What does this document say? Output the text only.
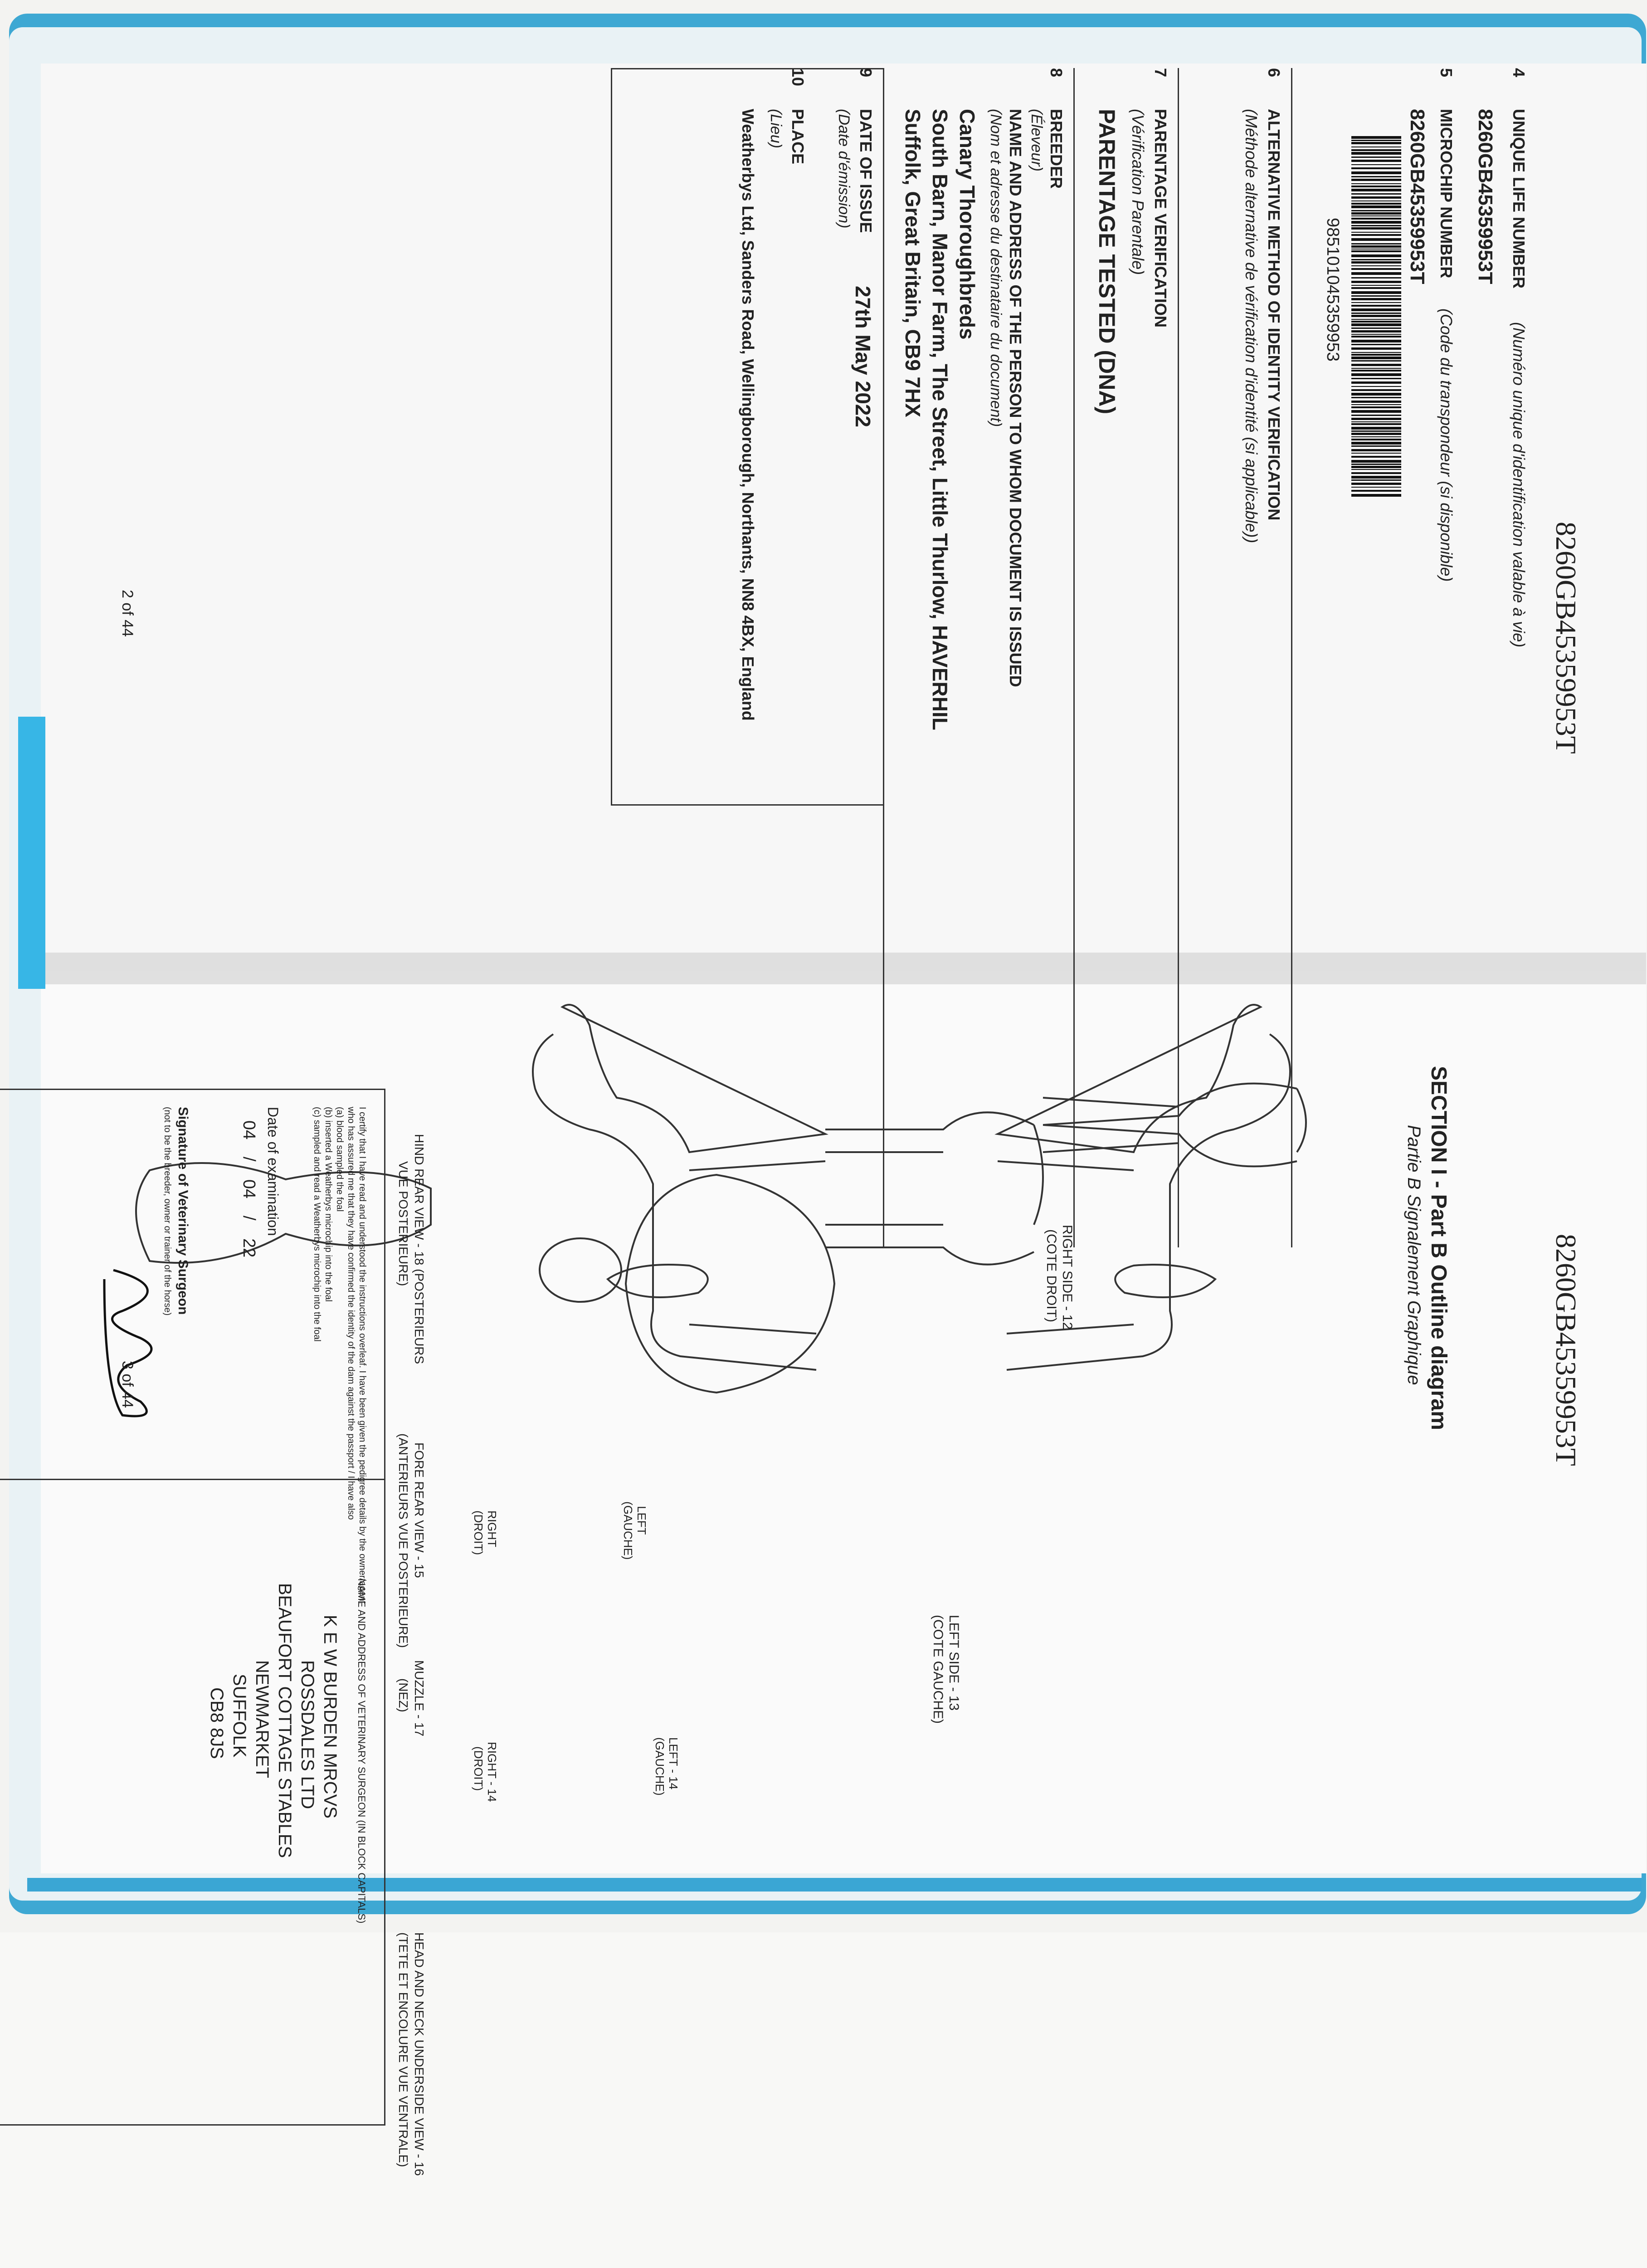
8260GB45359953T
4
UNIQUE LIFE NUMBER
(Numéro unique d'identification valable à vie)
8260GB45359953T
5
MICROCHIP NUMBER
(Code du transpondeur (si disponible)
8260GB45359953T
985101045359953
6
ALTERNATIVE METHOD OF IDENTITY VERIFICATION
(Méthode alternative de vérification d'identité (si applicable))
7
PARENTAGE VERIFICATION
(Vérification Parentale)
PARENTAGE TESTED (DNA)
8
BREEDER
(Éleveur)
NAME AND ADDRESS OF THE PERSON TO WHOM DOCUMENT IS ISSUED
(Nom et adresse du destinataire du document)
Canary Thoroughbreds
South Barn, Manor Farm, The Street, Little Thurlow, HAVERHIL
Suffolk, Great Britain, CB9 7HX
9
DATE OF ISSUE
(Date d'émission)
27th May 2022
10
PLACE
(Lieu)
Weatherbys Ltd, Sanders Road, Wellingborough, Northants, NN8 4BX, England
2 of 44
8260GB45359953T
SECTION I - Part B Outline diagram
Partie B Signalement Graphique
RIGHT SIDE - 12
(COTE DROIT)
LEFT SIDE - 13
(COTE GAUCHE)
HIND REAR VIEW - 18 (POSTERIEURS
VUE POSTERIEURE)
FORE REAR VIEW - 15
(ANTERIEURS VUE POSTERIEURE)
MUZZLE - 17
(NEZ)
HEAD AND NECK UNDERSIDE VIEW - 16
(TETE ET ENCOLURE VUE VENTRALE)
RIGHT
(DROIT)	LEFT
(GAUCHE)
LEFT - 14
(GAUCHE)
RIGHT - 14
(DROIT)
NAME AND ADDRESS OF VETERINARY SURGEON (IN BLOCK CAPITALS)
K E W BURDEN MRCVS
ROSSDALES LTD
BEAUFORT COTTAGE STABLES
NEWMARKET
SUFFOLK
CB8 8JS
I certify that I have read and understood the instructions overleaf. I have been given the pedigree details by the owner/agent
who has assured me that they have confirmed the identity of the dam against the passport / I have also
(a) blood sampled the foal
(b) inserted a Weatherbys microchip into the foal
(c) sampled and read a Weatherbys microchip into the foal
Date of examination
04
/
04
/
22
Signature of Veterinary Surgeon
(not to be the breeder, owner or trainer of the horse)
3 of 44
